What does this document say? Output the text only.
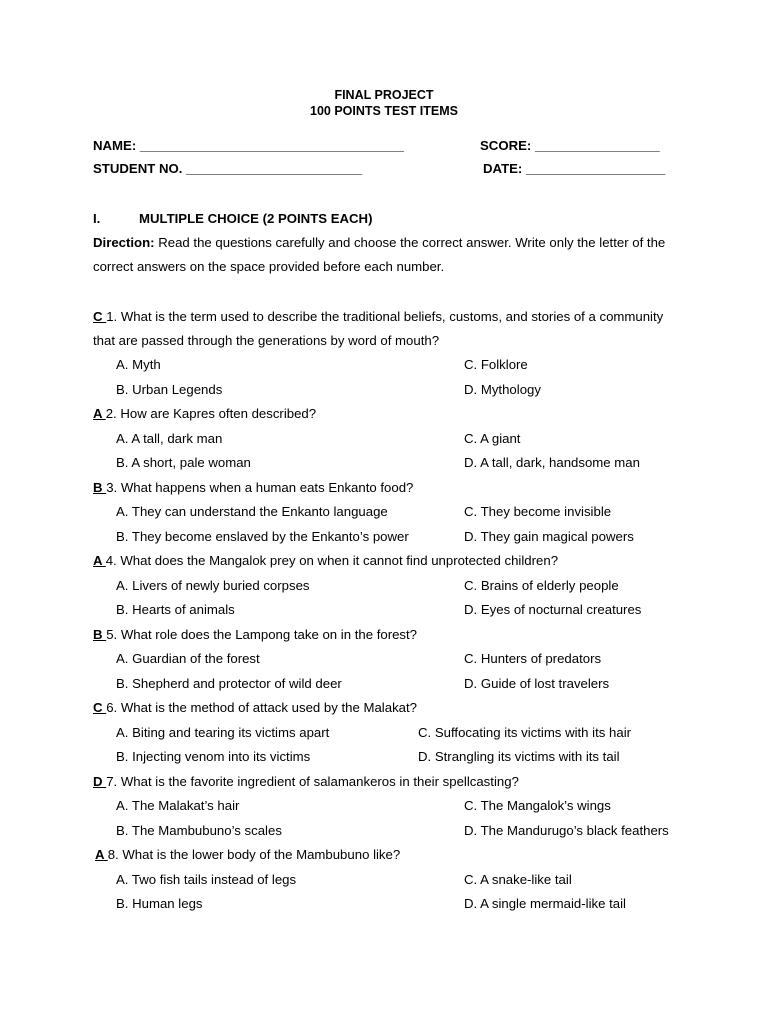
FINAL PROJECT
100 POINTS TEST ITEMS
NAME: ____________________________________	SCORE: _________________
STUDENT NO. ________________________	DATE: ___________________
I.	MULTIPLE CHOICE (2 POINTS EACH)
Direction: Read the questions carefully and choose the correct answer. Write only the letter of the
correct answers on the space provided before each number.
C 1. What is the term used to describe the traditional beliefs, customs, and stories of a community
that are passed through the generations by word of mouth?
A. Myth	C. Folklore
B. Urban Legends	D. Mythology
A 2. How are Kapres often described?
A. A tall, dark man	C. A giant
B. A short, pale woman	D. A tall, dark, handsome man
B 3. What happens when a human eats Enkanto food?
A. They can understand the Enkanto language	C. They become invisible
B. They become enslaved by the Enkanto’s power	D. They gain magical powers
A 4. What does the Mangalok prey on when it cannot find unprotected children?
A. Livers of newly buried corpses	C. Brains of elderly people
B. Hearts of animals	D. Eyes of nocturnal creatures
B 5. What role does the Lampong take on in the forest?
A. Guardian of the forest	C. Hunters of predators
B. Shepherd and protector of wild deer	D. Guide of lost travelers
C 6. What is the method of attack used by the Malakat?
A. Biting and tearing its victims apart	C. Suffocating its victims with its hair
B. Injecting venom into its victims	D. Strangling its victims with its tail
D 7. What is the favorite ingredient of salamankeros in their spellcasting?
A. The Malakat’s hair	C. The Mangalok’s wings
B. The Mambubuno’s scales	D. The Mandurugo’s black feathers
A 8. What is the lower body of the Mambubuno like?
A. Two fish tails instead of legs	C. A snake-like tail
B. Human legs	D. A single mermaid-like tail
